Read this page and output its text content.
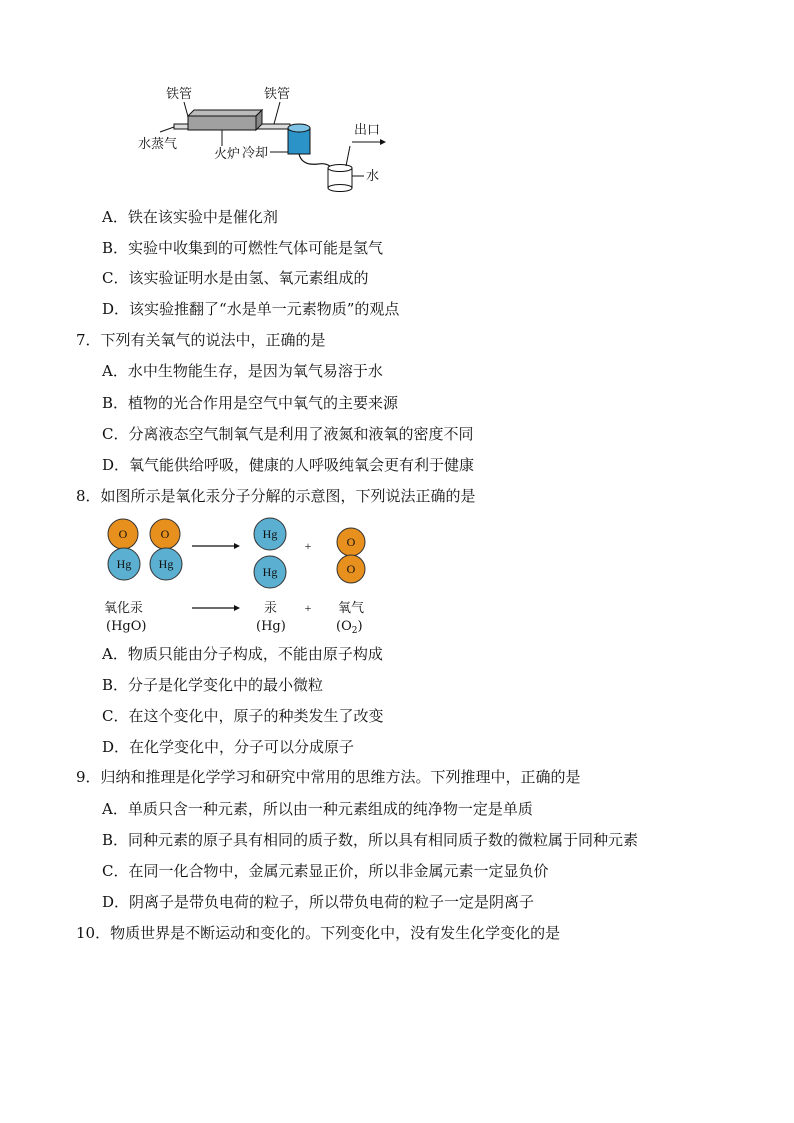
铁管	铁管
冷却
水蒸气
火炉
出口
水
A．铁在该实验中是催化剂
B．实验中收集到的可燃性气体可能是氢气
C．该实验证明水是由氢、氧元素组成的
D．该实验推翻了“水是单一元素物质”的观点
7．下列有关氧气的说法中，正确的是
A．水中生物能生存，是因为氧气易溶于水
B．植物的光合作用是空气中氧气的主要来源
C．分离液态空气制氧气是利用了液氮和液氧的密度不同
D．氧气能供给呼吸，健康的人呼吸纯氧会更有利于健康
8．如图所示是氧化汞分子分解的示意图，下列说法正确的是
O
Hg
O
Hg
Hg
Hg
+	O
O
氧化汞
(HgO)
汞
(Hg)
+ 氧气
$(O_2)$
A．物质只能由分子构成，不能由原子构成
B．分子是化学变化中的最小微粒
C．在这个变化中，原子的种类发生了改变
D．在化学变化中，分子可以分成原子
9．归纳和推理是化学学习和研究中常用的思维方法。下列推理中，正确的是
A．单质只含一种元素，所以由一种元素组成的纯净物一定是单质
B．同种元素的原子具有相同的质子数，所以具有相同质子数的微粒属于同种元素
C．在同一化合物中，金属元素显正价，所以非金属元素一定显负价
D．阴离子是带负电荷的粒子，所以带负电荷的粒子一定是阴离子
10．物质世界是不断运动和变化的。下列变化中，没有发生化学变化的是
